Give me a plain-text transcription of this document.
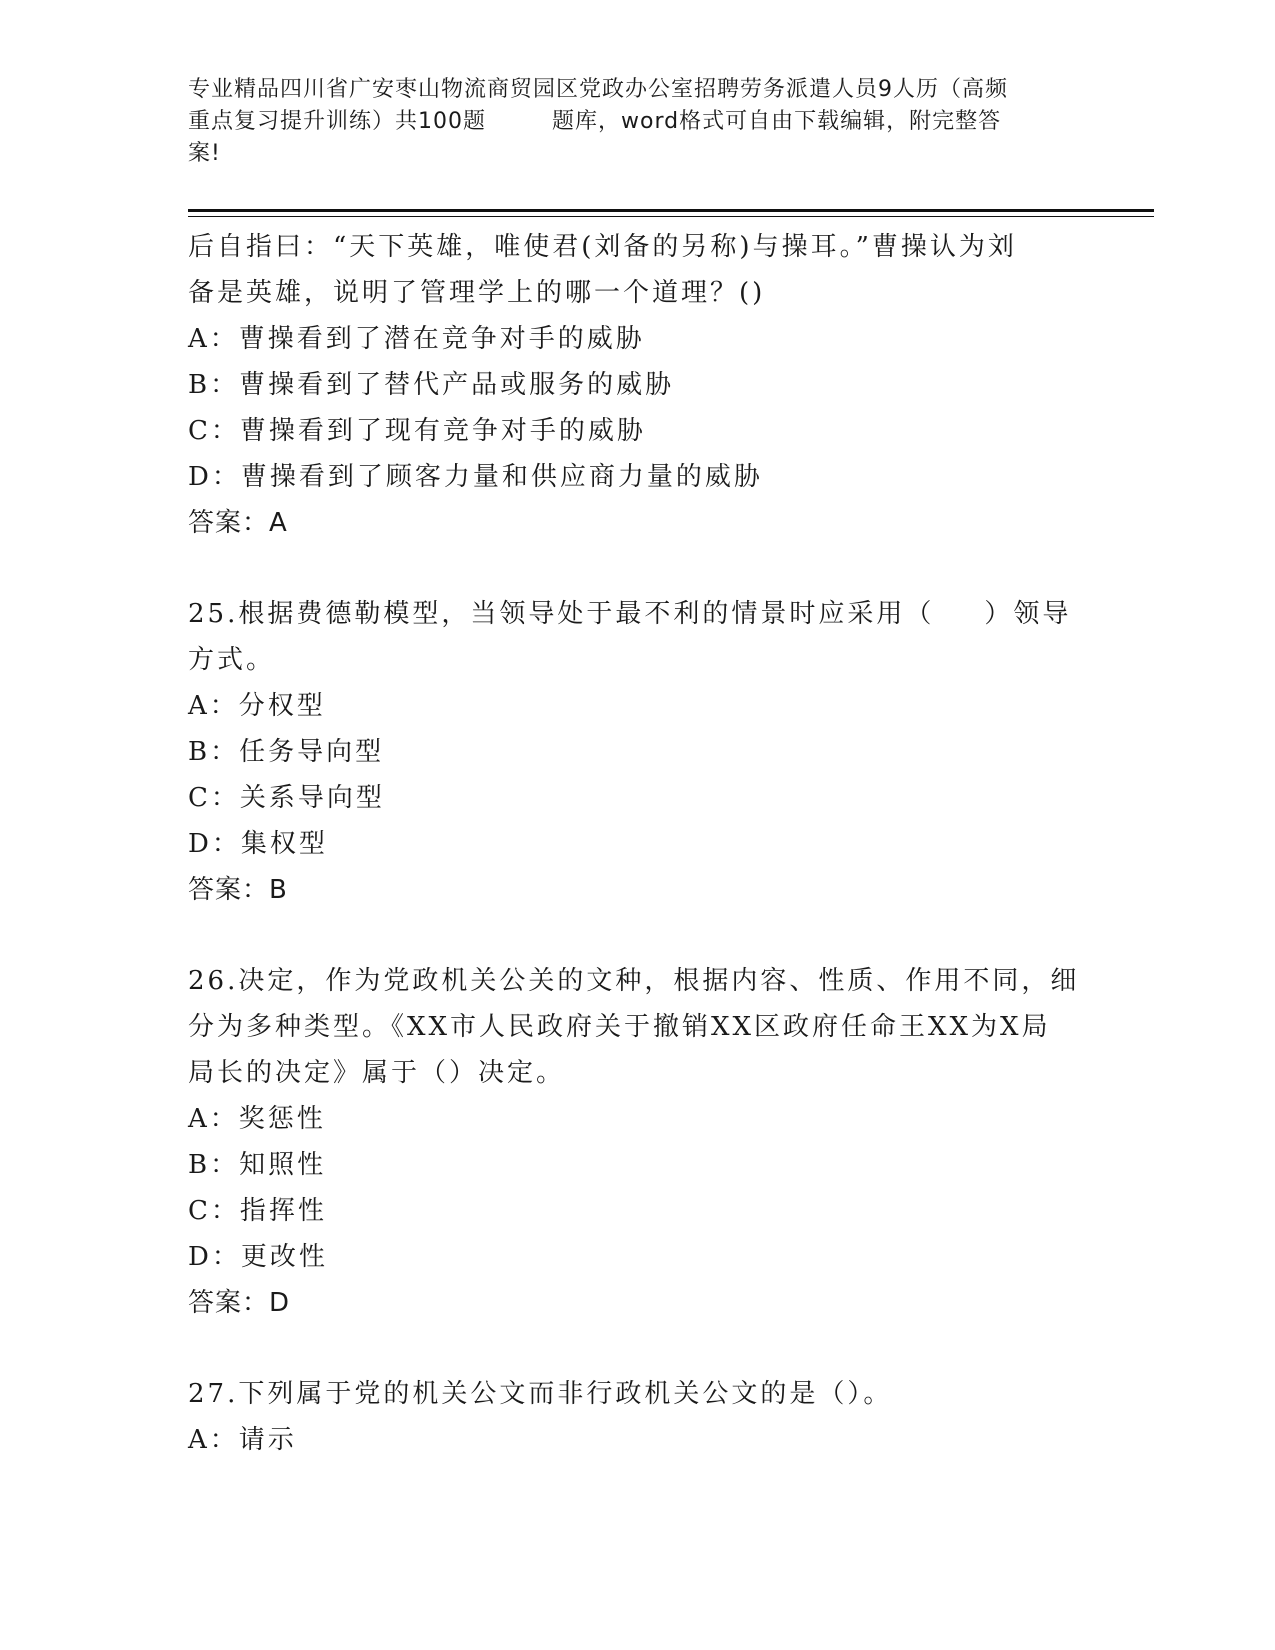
专业精品四川省广安枣山物流商贸园区党政办公室招聘劳务派遣人员9人历（高频
重点复习提升训练）共100题	题库，word格式可自由下载编辑，附完整答
案!
后自指曰：“天下英雄，唯使君(刘备的另称)与操耳。”曹操认为刘
备是英雄，说明了管理学上的哪一个道理？()
A：曹操看到了潜在竞争对手的威胁
B：曹操看到了替代产品或服务的威胁
C：曹操看到了现有竞争对手的威胁
D：曹操看到了顾客力量和供应商力量的威胁
答案：A
25.根据费德勒模型，当领导处于最不利的情景时应采用（ ）领导
方式。
A：分权型
B：任务导向型
C：关系导向型
D：集权型
答案：B
26.决定，作为党政机关公关的文种，根据内容、性质、作用不同，细
分为多种类型。《XX市人民政府关于撤销XX区政府任命王XX为X局
局长的决定》属于（）决定。
A：奖惩性
B：知照性
C：指挥性
D：更改性
答案：D
27.下列属于党的机关公文而非行政机关公文的是（）。
A：请示
